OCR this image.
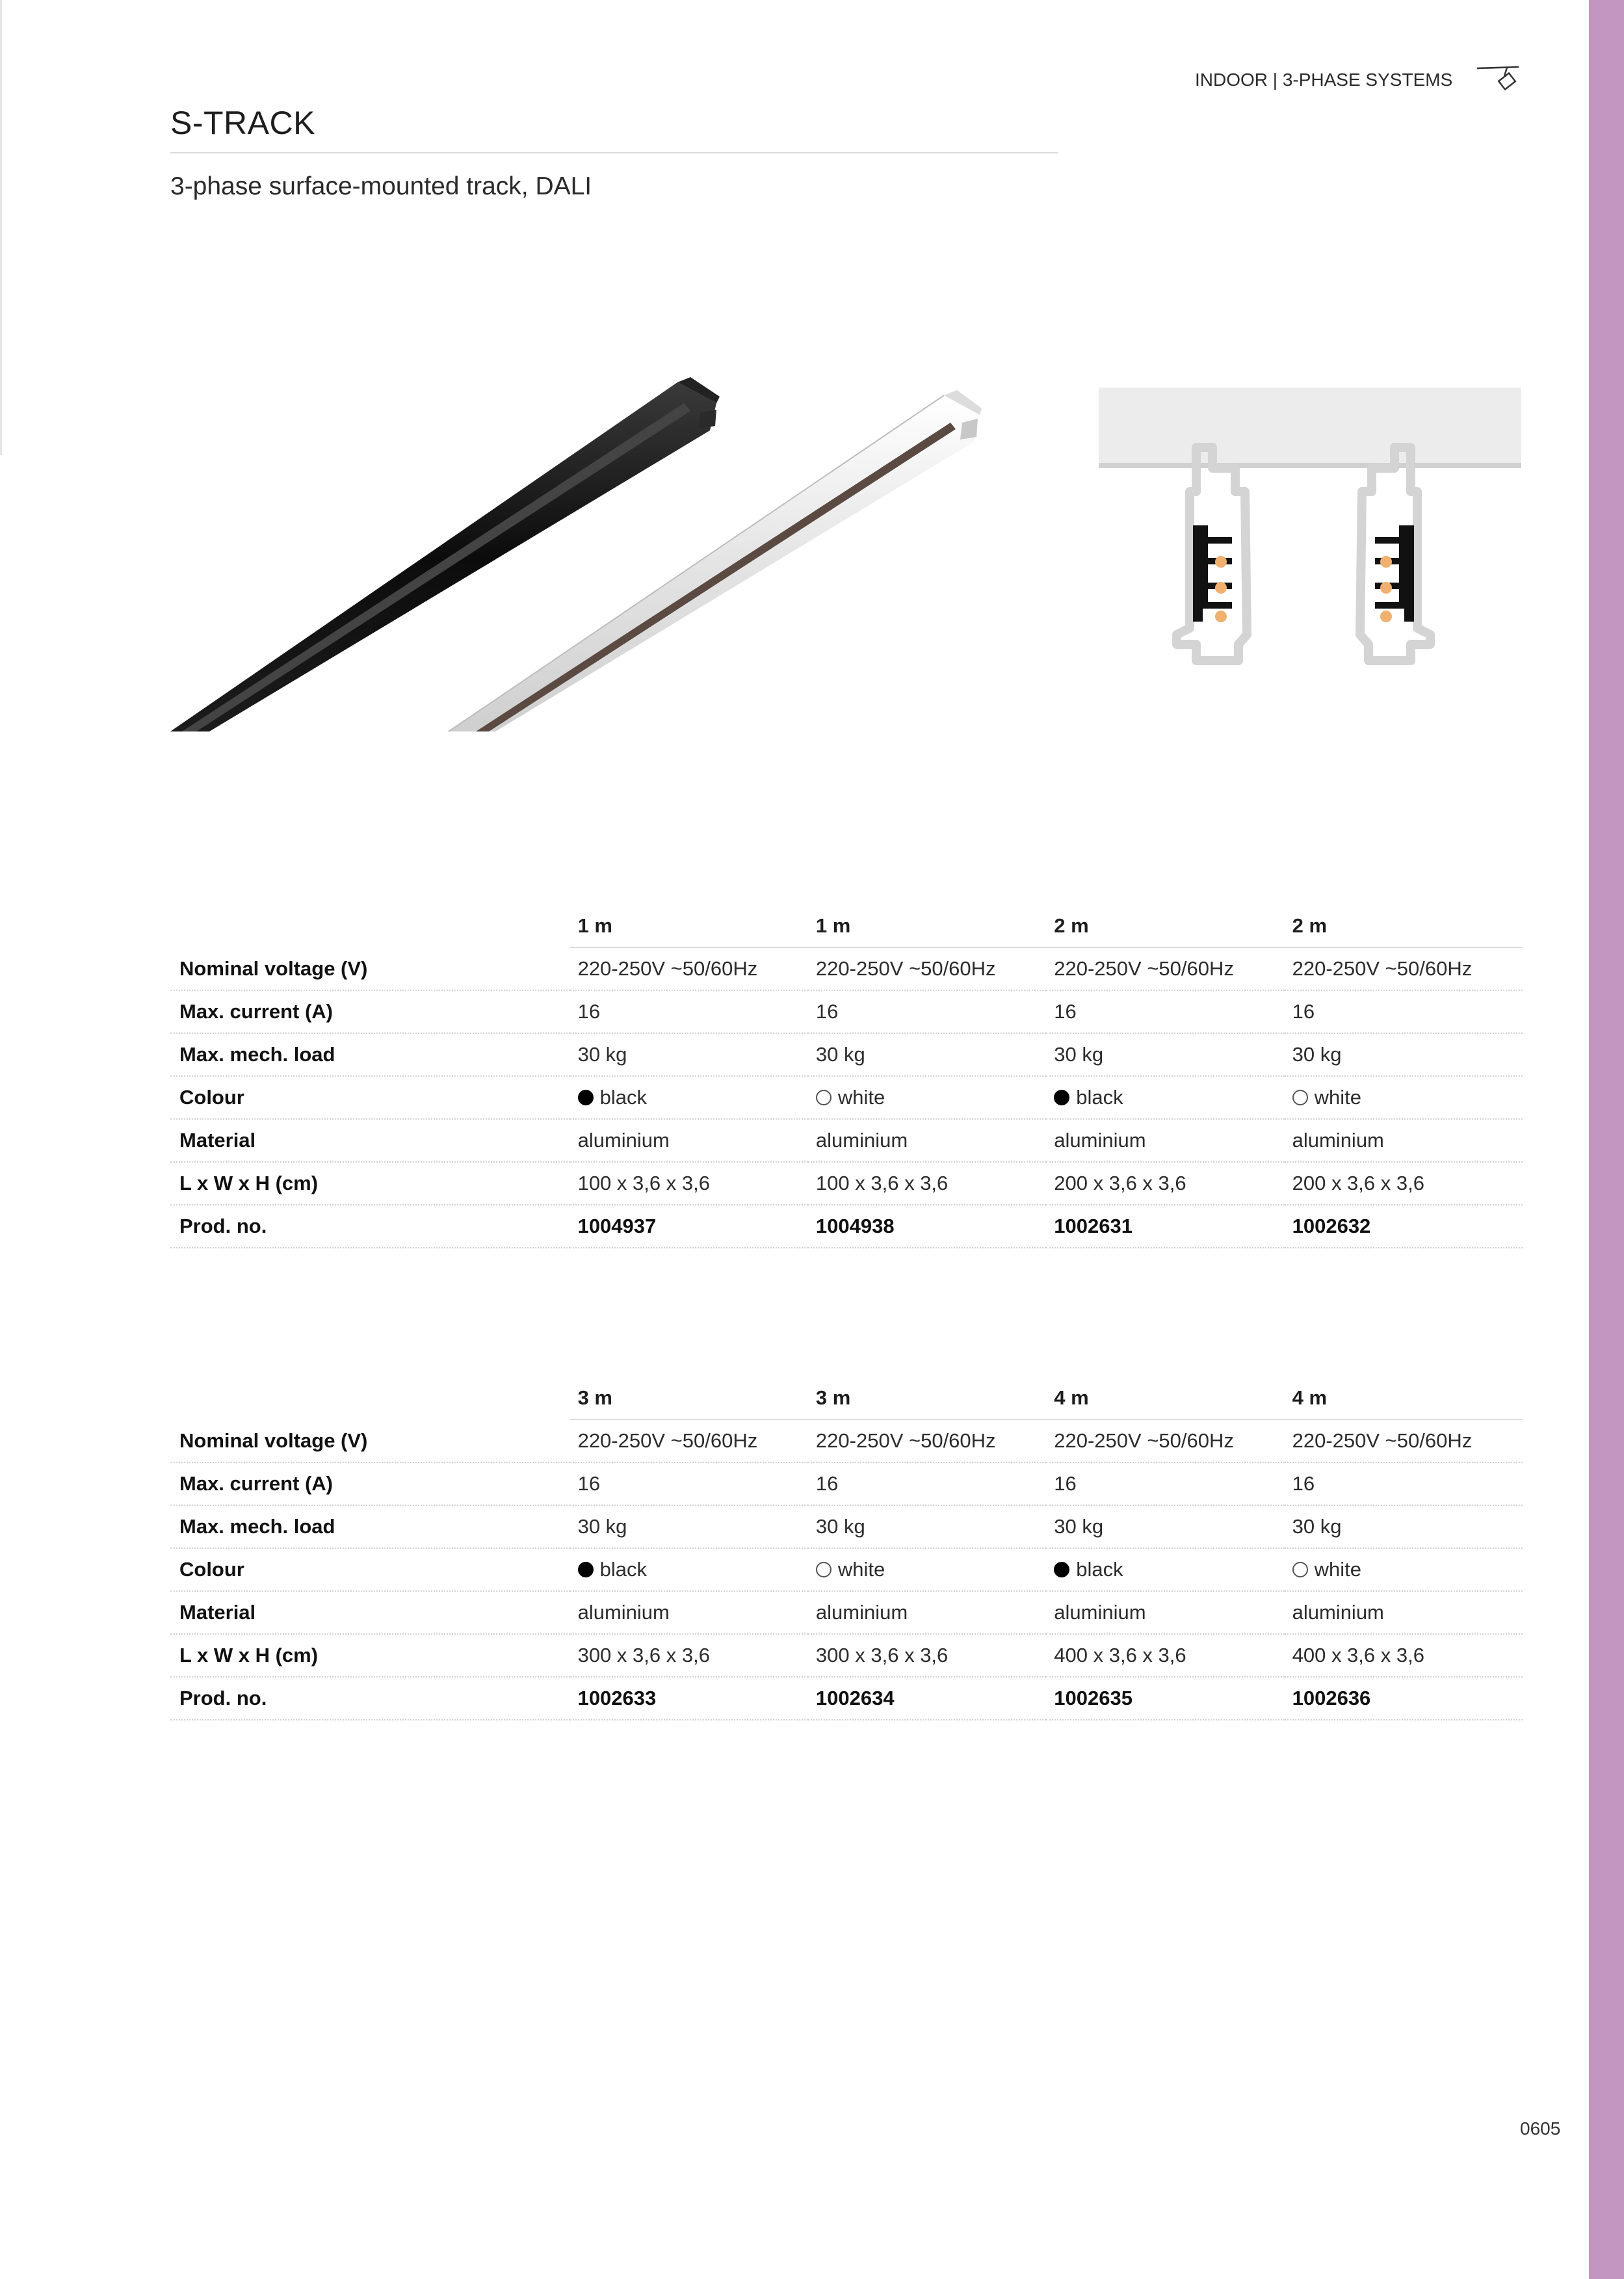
INDOOR | 3-PHASE SYSTEMS
S-TRACK

3-phase surface-mounted track, DALI

	1 m	1 m	2 m	2 m
Nominal voltage (V)	220-250V ~50/60Hz	220-250V ~50/60Hz	220-250V ~50/60Hz	220-250V ~50/60Hz
Max. current (A)	16	16	16	16
Max. mech. load	30 kg	30 kg	30 kg	30 kg
Colour	black	white	black	white
Material	aluminium	aluminium	aluminium	aluminium
L x W x H (cm)	100 x 3,6 x 3,6	100 x 3,6 x 3,6	200 x 3,6 x 3,6	200 x 3,6 x 3,6
Prod. no.	1004937	1004938	1002631	1002632
	3 m	3 m	4 m	4 m
Nominal voltage (V)	220-250V ~50/60Hz	220-250V ~50/60Hz	220-250V ~50/60Hz	220-250V ~50/60Hz
Max. current (A)	16	16	16	16
Max. mech. load	30 kg	30 kg	30 kg	30 kg
Colour	black	white	black	white
Material	aluminium	aluminium	aluminium	aluminium
L x W x H (cm)	300 x 3,6 x 3,6	300 x 3,6 x 3,6	400 x 3,6 x 3,6	400 x 3,6 x 3,6
Prod. no.	1002633	1002634	1002635	1002636
0605
